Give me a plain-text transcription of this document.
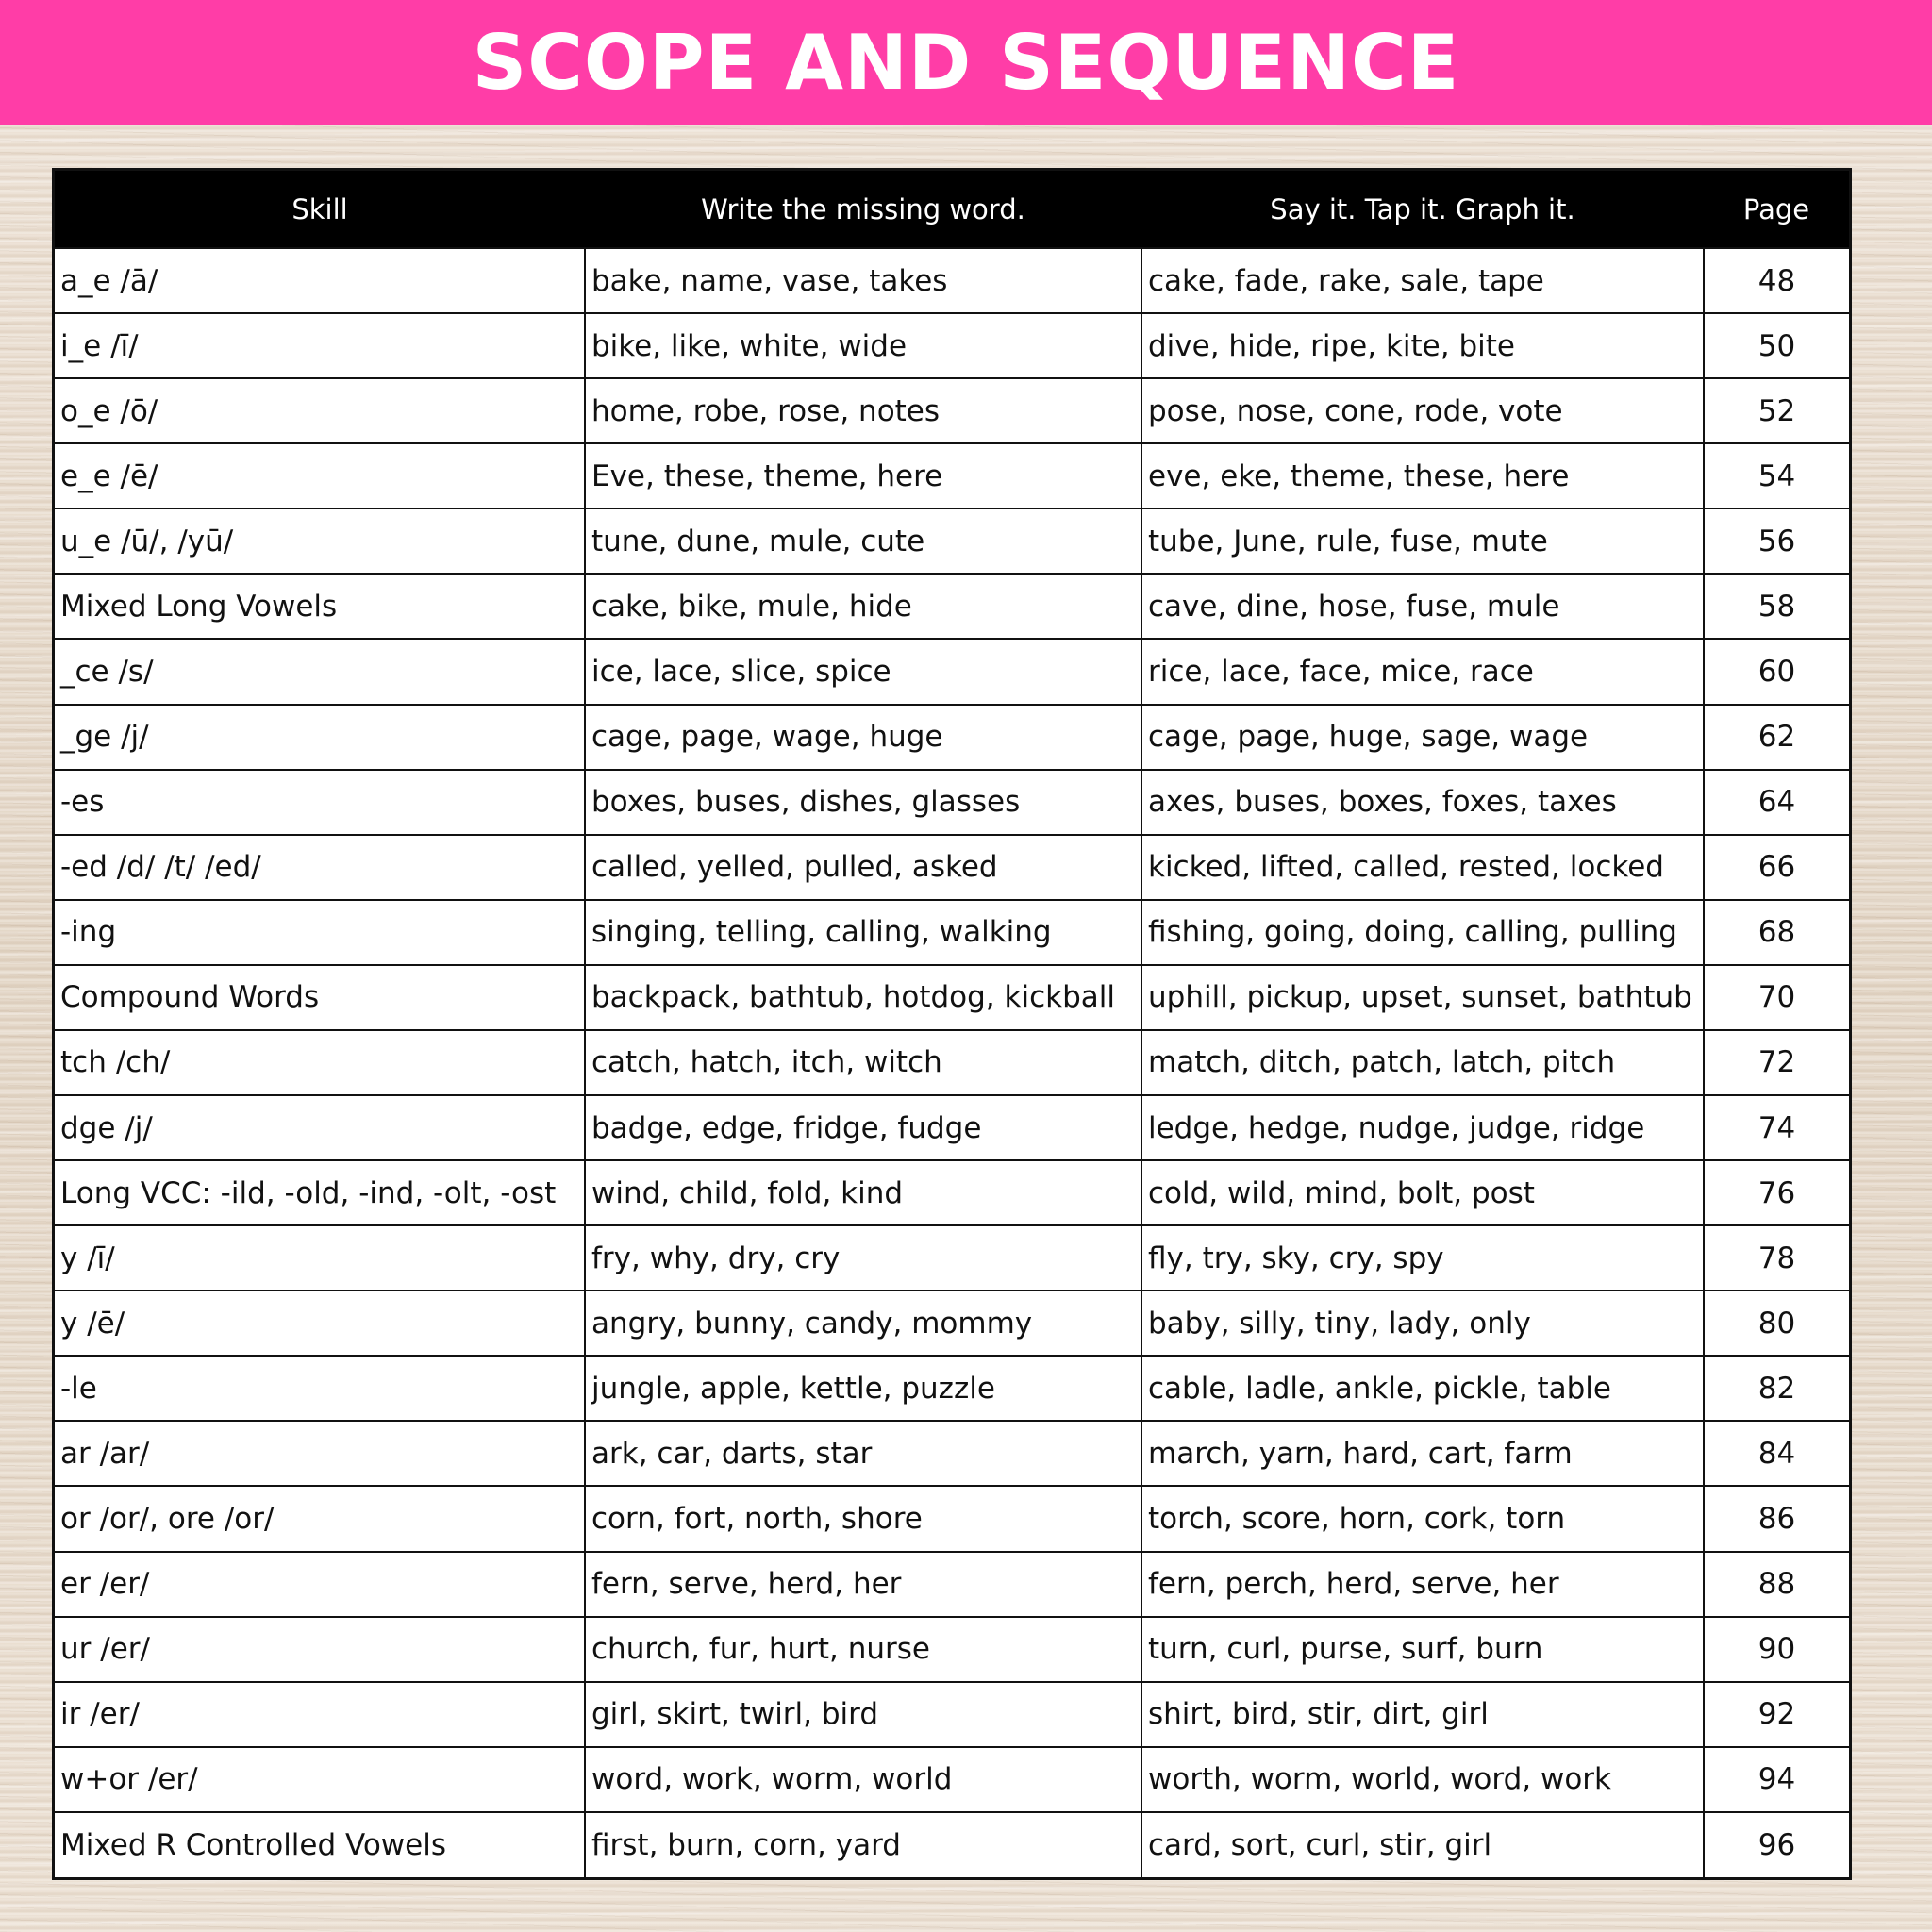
SCOPE AND SEQUENCE
Skill	Write the missing word.	Say it. Tap it. Graph it.	Page
a_e /ā/	bake, name, vase, takes	cake, fade, rake, sale, tape	48
i_e /ī/	bike, like, white, wide	dive, hide, ripe, kite, bite	50
o_e /ō/	home, robe, rose, notes	pose, nose, cone, rode, vote	52
e_e /ē/	Eve, these, theme, here	eve, eke, theme, these, here	54
u_e /ū/, /yū/	tune, dune, mule, cute	tube, June, rule, fuse, mute	56
Mixed Long Vowels	cake, bike, mule, hide	cave, dine, hose, fuse, mule	58
_ce /s/	ice, lace, slice, spice	rice, lace, face, mice, race	60
_ge /j/	cage, page, wage, huge	cage, page, huge, sage, wage	62
-es	boxes, buses, dishes, glasses	axes, buses, boxes, foxes, taxes	64
-ed /d/ /t/ /ed/	called, yelled, pulled, asked	kicked, lifted, called, rested, locked	66
-ing	singing, telling, calling, walking	fishing, going, doing, calling, pulling	68
Compound Words	backpack, bathtub, hotdog, kickball	uphill, pickup, upset, sunset, bathtub	70
tch /ch/	catch, hatch, itch, witch	match, ditch, patch, latch, pitch	72
dge /j/	badge, edge, fridge, fudge	ledge, hedge, nudge, judge, ridge	74
Long VCC: -ild, -old, -ind, -olt, -ost	wind, child, fold, kind	cold, wild, mind, bolt, post	76
y /ī/	fry, why, dry, cry	fly, try, sky, cry, spy	78
y /ē/	angry, bunny, candy, mommy	baby, silly, tiny, lady, only	80
-le	jungle, apple, kettle, puzzle	cable, ladle, ankle, pickle, table	82
ar /ar/	ark, car, darts, star	march, yarn, hard, cart, farm	84
or /or/, ore /or/	corn, fort, north, shore	torch, score, horn, cork, torn	86
er /er/	fern, serve, herd, her	fern, perch, herd, serve, her	88
ur /er/	church, fur, hurt, nurse	turn, curl, purse, surf, burn	90
ir /er/	girl, skirt, twirl, bird	shirt, bird, stir, dirt, girl	92
w+or /er/	word, work, worm, world	worth, worm, world, word, work	94
Mixed R Controlled Vowels	first, burn, corn, yard	card, sort, curl, stir, girl	96
